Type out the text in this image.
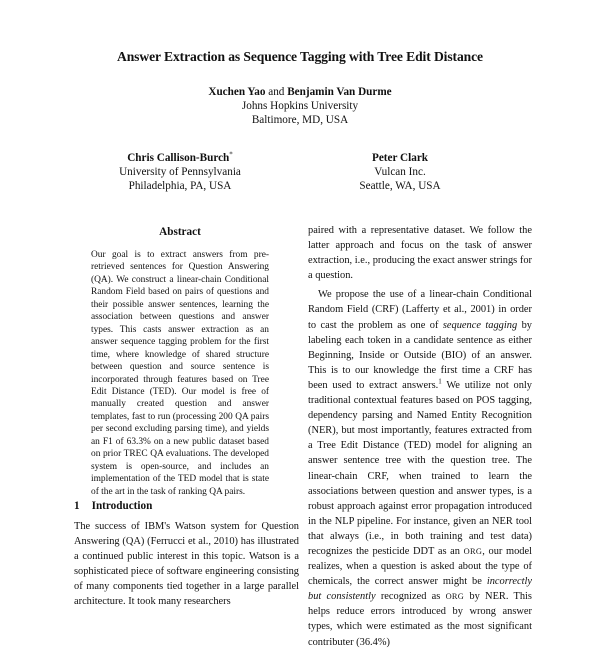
Answer Extraction as Sequence Tagging with Tree Edit Distance
Xuchen Yao and Benjamin Van Durme
Johns Hopkins University
Baltimore, MD, USA
Chris Callison-Burch*
University of Pennsylvania
Philadelphia, PA, USA
Peter Clark
Vulcan Inc.
Seattle, WA, USA
Abstract

Our goal is to extract answers from pre-retrieved sentences for Question Answering (QA). We construct a linear-chain Conditional Random Field based on pairs of questions and their possible answer sentences, learning the association between questions and answer types. This casts answer extraction as an answer sequence tagging problem for the first time, where knowledge of shared structure between question and source sentence is incorporated through features based on Tree Edit Distance (TED). Our model is free of manually created question and answer templates, fast to run (processing 200 QA pairs per second excluding parsing time), and yields an F1 of 63.3% on a new public dataset based on prior TREC QA evaluations. The developed system is open-source, and includes an implementation of the TED model that is state of the art in the task of ranking QA pairs.

1 Introduction

The success of IBM's Watson system for Question Answering (QA) (Ferrucci et al., 2010) has illustrated a continued public interest in this topic. Watson is a sophisticated piece of software engineering consisting of many components tied together in a large parallel architecture. It took many researchers

paired with a representative dataset. We follow the latter approach and focus on the task of answer extraction, i.e., producing the exact answer strings for a question.

We propose the use of a linear-chain Conditional Random Field (CRF) (Lafferty et al., 2001) in order to cast the problem as one of sequence tagging by labeling each token in a candidate sentence as either Beginning, Inside or Outside (BIO) of an answer. This is to our knowledge the first time a CRF has been used to extract answers.$^1$ We utilize not only traditional contextual features based on POS tagging, dependency parsing and Named Entity Recognition (NER), but most importantly, features extracted from a Tree Edit Distance (TED) model for aligning an answer sentence tree with the question tree. The linear-chain CRF, when trained to learn the associations between question and answer types, is a robust approach against error propagation introduced in the NLP pipeline. For instance, given an NER tool that always (i.e., in both training and test data) recognizes the pesticide DDT as an ORG, our model realizes, when a question is asked about the type of chemicals, the correct answer might be incorrectly but consistently recognized as ORG by NER. This helps reduce errors introduced by wrong answer types, which were estimated as the most significant contributer (36.4%)
